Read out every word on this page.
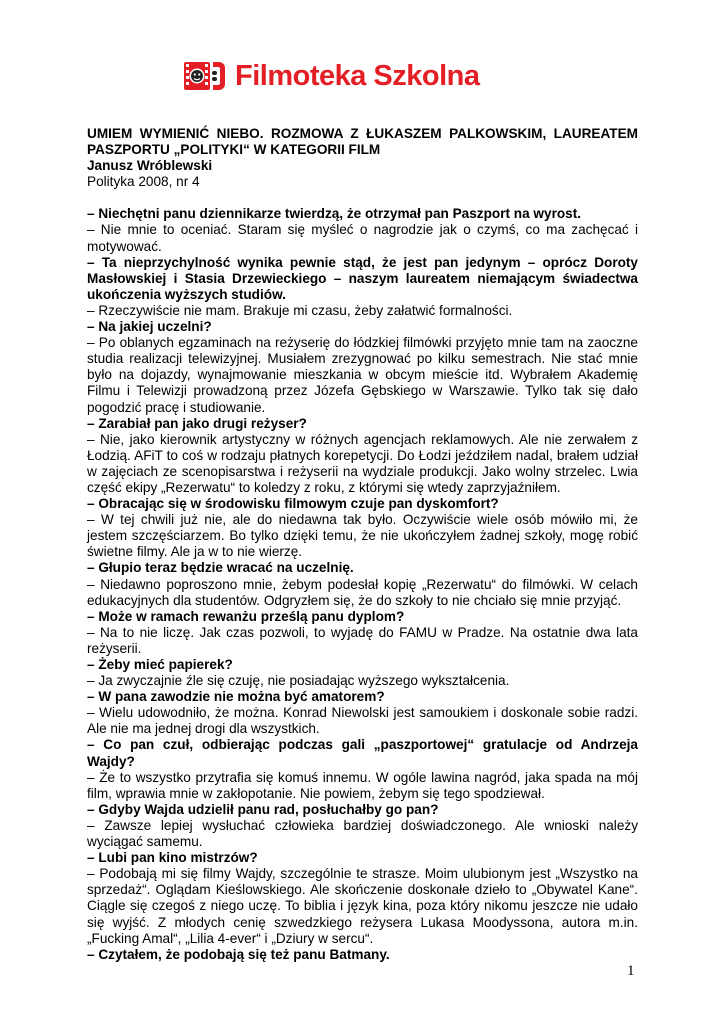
Filmoteka Szkolna

UMIEM WYMIENIĆ NIEBO. ROZMOWA Z ŁUKASZEM PALKOWSKIM, LAUREATEM PASZPORTU „POLITYKI“ W KATEGORII FILM

Janusz Wróblewski

Polityka 2008, nr 4

– Niechętni panu dziennikarze twierdzą, że otrzymał pan Paszport na wyrost.

– Nie mnie to oceniać. Staram się myśleć o nagrodzie jak o czymś, co ma zachęcać i motywować.

– Ta nieprzychylność wynika pewnie stąd, że jest pan jedynym – oprócz Doroty Masłowskiej i Stasia Drzewieckiego – naszym laureatem niemającym świadectwa ukończenia wyższych studiów.

– Rzeczywiście nie mam. Brakuje mi czasu, żeby załatwić formalności.

– Na jakiej uczelni?

– Po oblanych egzaminach na reżyserię do łódzkiej filmówki przyjęto mnie tam na zaoczne studia realizacji telewizyjnej. Musiałem zrezygnować po kilku semestrach. Nie stać mnie było na dojazdy, wynajmowanie mieszkania w obcym mieście itd. Wybrałem Akademię Filmu i Telewizji prowadzoną przez Józefa Gębskiego w Warszawie. Tylko tak się dało pogodzić pracę i studiowanie.

– Zarabiał pan jako drugi reżyser?

– Nie, jako kierownik artystyczny w różnych agencjach reklamowych. Ale nie zerwałem z Łodzią. AFiT to coś w rodzaju płatnych korepetycji. Do Łodzi jeździłem nadal, brałem udział w zajęciach ze scenopisarstwa i reżyserii na wydziale produkcji. Jako wolny strzelec. Lwia część ekipy „Rezerwatu“ to koledzy z roku, z którymi się wtedy zaprzyjaźniłem.

– Obracając się w środowisku filmowym czuje pan dyskomfort?

– W tej chwili już nie, ale do niedawna tak było. Oczywiście wiele osób mówiło mi, że jestem szczęściarzem. Bo tylko dzięki temu, że nie ukończyłem żadnej szkoły, mogę robić świetne filmy. Ale ja w to nie wierzę.

– Głupio teraz będzie wracać na uczelnię.

– Niedawno poproszono mnie, żebym podesłał kopię „Rezerwatu“ do filmówki. W celach edukacyjnych dla studentów. Odgryzłem się, że do szkoły to nie chciało się mnie przyjąć.

– Może w ramach rewanżu prześlą panu dyplom?

– Na to nie liczę. Jak czas pozwoli, to wyjadę do FAMU w Pradze. Na ostatnie dwa lata reżyserii.

– Żeby mieć papierek?

– Ja zwyczajnie źle się czuję, nie posiadając wyższego wykształcenia.

– W pana zawodzie nie można być amatorem?

– Wielu udowodniło, że można. Konrad Niewolski jest samoukiem i doskonale sobie radzi. Ale nie ma jednej drogi dla wszystkich.

– Co pan czuł, odbierając podczas gali „paszportowej“ gratulacje od Andrzeja Wajdy?

– Że to wszystko przytrafia się komuś innemu. W ogóle lawina nagród, jaka spada na mój film, wprawia mnie w zakłopotanie. Nie powiem, żebym się tego spodziewał.

– Gdyby Wajda udzielił panu rad, posłuchałby go pan?

– Zawsze lepiej wysłuchać człowieka bardziej doświadczonego. Ale wnioski należy wyciągać samemu.

– Lubi pan kino mistrzów?

– Podobają mi się filmy Wajdy, szczególnie te strasze. Moim ulubionym jest „Wszystko na sprzedaż“. Oglądam Kieślowskiego. Ale skończenie doskonałe dzieło to „Obywatel Kane“. Ciągle się czegoś z niego uczę. To biblia i język kina, poza który nikomu jeszcze nie udało się wyjść. Z młodych cenię szwedzkiego reżysera Lukasa Moodyssona, autora m.in. „Fucking Amal“, „Lilia 4-ever“ i „Dziury w sercu“.

– Czytałem, że podobają się też panu Batmany.

1
